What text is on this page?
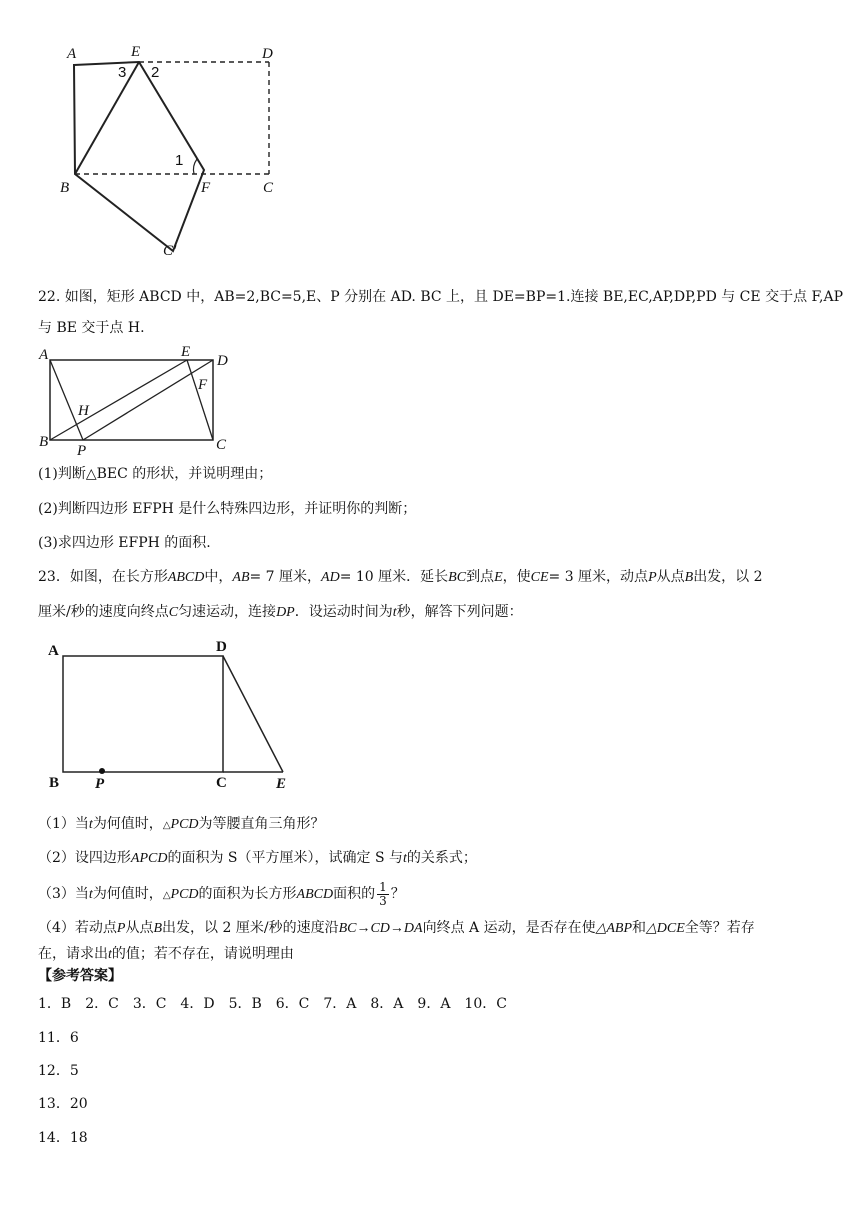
A	E	D
3 2
1
B	F	C
C′
22. 如图，矩形 ABCD 中，AB=2,BC=5,E、P 分别在 AD. BC 上，且 DE=BP=1.连接 BE,EC,AP,DP,PD 与 CE 交于点 F,AP
与 BE 交于点 H.
A	E
D
F
H
B
P	C
(1)判断△BEC 的形状，并说明理由；
(2)判断四边形 EFPH 是什么特殊四边形，并证明你的判断；
(3)求四边形 EFPH 的面积.
23．如图，在长方形ABCD中，AB= 7 厘米，AD= 10 厘米．延长BC到点E，使CE= 3 厘米，动点P从点B出发，以 2
厘米/秒的速度向终点C匀速运动，连接DP．设运动时间为t秒，解答下列问题：
A	D
B P	C	E
（1）当t为何值时，△PCD为等腰直角三角形？
（2）设四边形APCD的面积为 S（平方厘米），试确定 S 与t的关系式；
（3）当t为何值时，△PCD的面积为长方形ABCD面积的 $\frac{1}{3}$ ？
（4）若动点P从点B出发，以 2 厘米/秒的速度沿BC→CD→DA向终点 A 运动，是否存在使△ABP和△DCE全等？若存
在，请求出t的值；若不存在，请说明理由
【参考答案】
1．B　2．C　3．C　4．D　5．B　6．C　7．A　8．A　9．A　10．C
11．6
12．5
13．20
14．18
